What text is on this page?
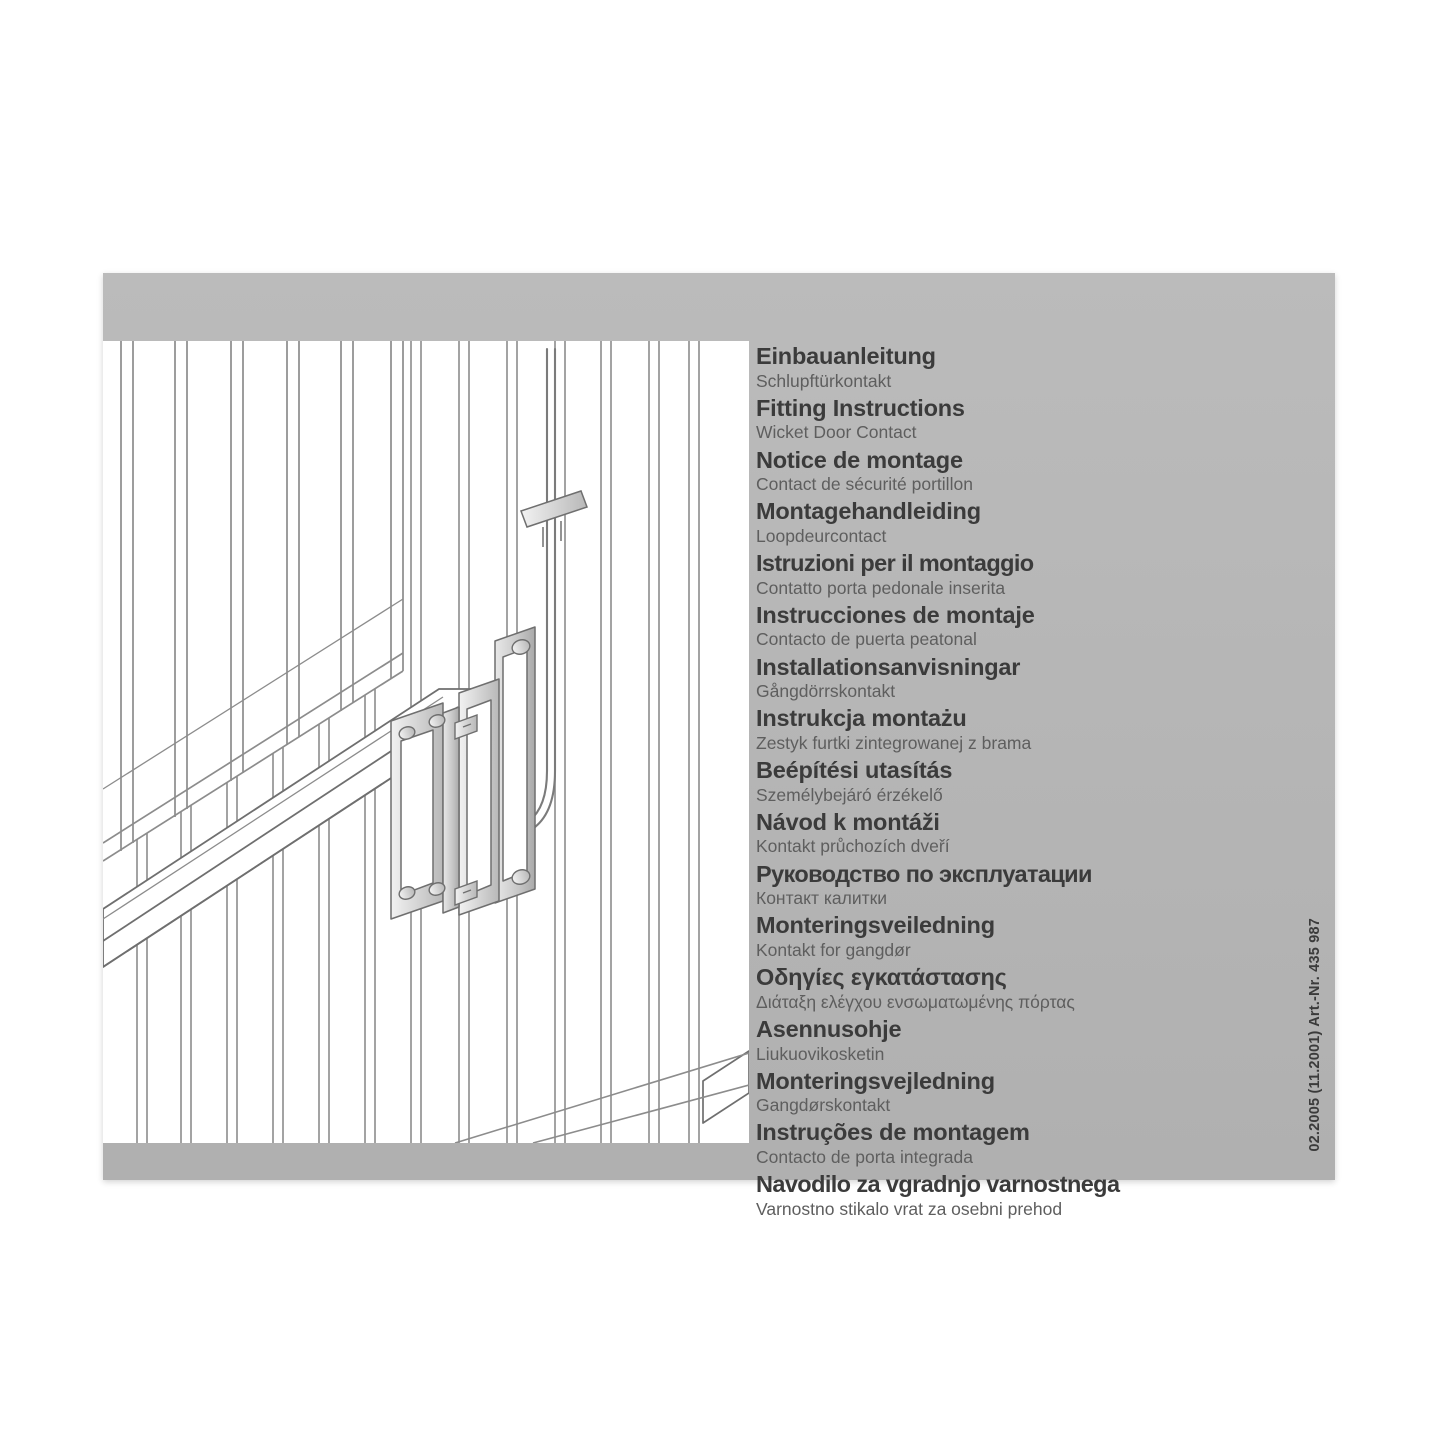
Einbauanleitung
Schlupftürkontakt
Fitting Instructions
Wicket Door Contact
Notice de montage
Contact de sécurité portillon
Montagehandleiding
Loopdeurcontact
Istruzioni per il montaggio
Contatto porta pedonale inserita
Instrucciones de montaje
Contacto de puerta peatonal
Installationsanvisningar
Gångdörrskontakt
Instrukcja montażu
Zestyk furtki zintegrowanej z brama
Beépítési utasítás
Személybejáró érzékelő
Návod k montáži
Kontakt průchozích dveří
Руководство по эксплуатации
Контакт калитки
Monteringsveiledning
Kontakt for gangdør
Οδηγίες εγκατάστασης
Διάταξη ελέγχου ενσωματωμένης πόρτας
Asennusohje
Liukuovikosketin
Monteringsvejledning
Gangdørskontakt
Instruções de montagem
Contacto de porta integrada
Navodilo za vgradnjo varnostnega
Varnostno stikalo vrat za osebni prehod
02.2005 (11.2001) Art.-Nr. 435 987
